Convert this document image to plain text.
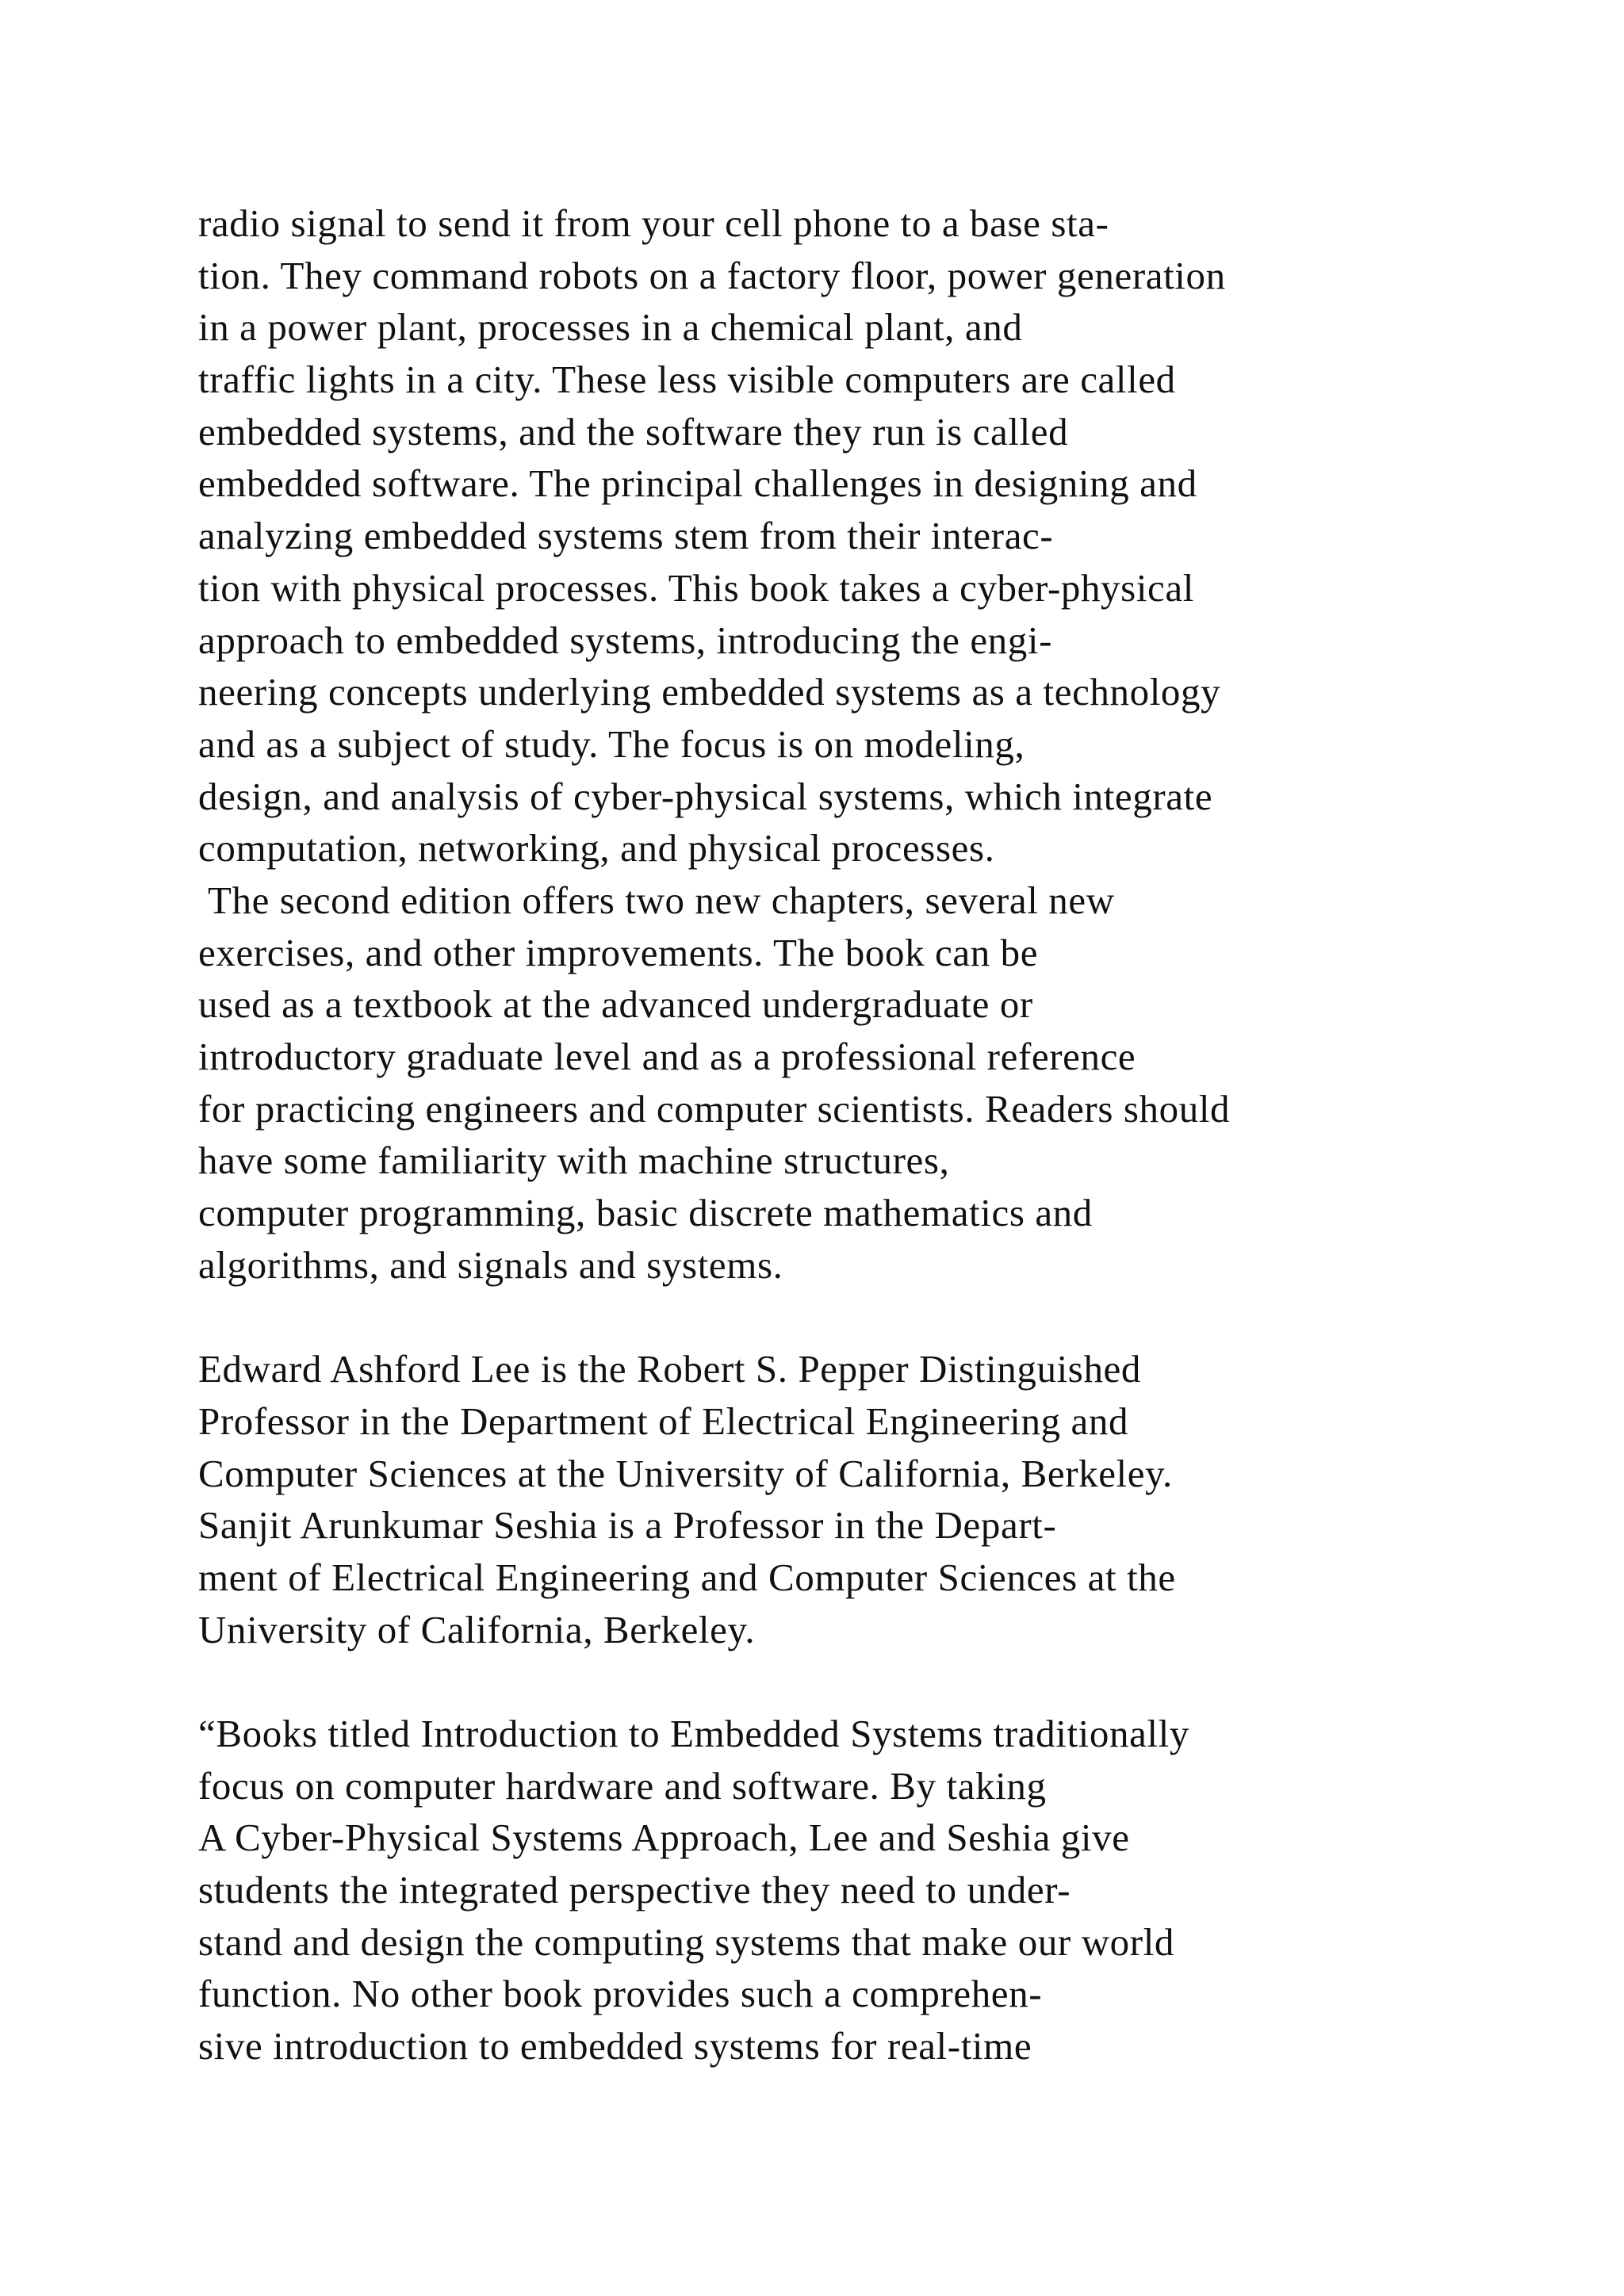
radio signal to send it from your cell phone to a base sta-
tion. They command robots on a factory floor, power generation
in a power plant, processes in a chemical plant, and
traffic lights in a city. These less visible computers are called
embedded systems, and the software they run is called
embedded software. The principal challenges in designing and
analyzing embedded systems stem from their interac-
tion with physical processes. This book takes a cyber-physical
approach to embedded systems, introducing the engi-
neering concepts underlying embedded systems as a technology
and as a subject of study. The focus is on modeling,
design, and analysis of cyber-physical systems, which integrate
computation, networking, and physical processes.
The second edition offers two new chapters, several new
exercises, and other improvements. The book can be
used as a textbook at the advanced undergraduate or
introductory graduate level and as a professional reference
for practicing engineers and computer scientists. Readers should
have some familiarity with machine structures,
computer programming, basic discrete mathematics and
algorithms, and signals and systems.
Edward Ashford Lee is the Robert S. Pepper Distinguished
Professor in the Department of Electrical Engineering and
Computer Sciences at the University of California, Berkeley.
Sanjit Arunkumar Seshia is a Professor in the Depart-
ment of Electrical Engineering and Computer Sciences at the
University of California, Berkeley.
“Books titled Introduction to Embedded Systems traditionally
focus on computer hardware and software. By taking
A Cyber-Physical Systems Approach, Lee and Seshia give
students the integrated perspective they need to under-
stand and design the computing systems that make our world
function. No other book provides such a comprehen-
sive introduction to embedded systems for real-time
